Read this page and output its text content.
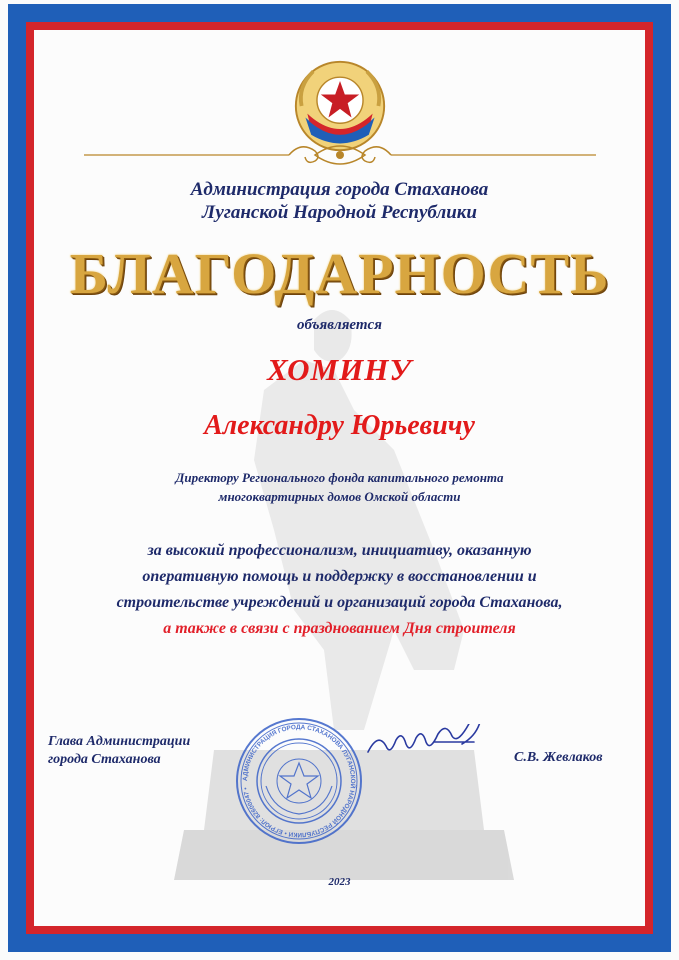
Администрация города Стаханова
Луганской Народной Республики
БЛАГОДАРНОСТЬ
объявляется
ХОМИНУ
Александру Юрьевичу
Директору Регионального фонда капитального ремонта
многоквартирных домов Омской области
за высокий профессионализм, инициативу, оказанную
оперативную помощь и поддержку в восстановлении и
строительстве учреждений и организаций города Стаханова,
а также в связи с празднованием Дня строителя
Глава Администрации
города Стаханова
АДМИНИСТРАЦИЯ ГОРОДА СТАХАНОВА ЛУГАНСКОЙ НАРОДНОЙ РЕСПУБЛИКИ • ЕГРЮЛ: 82600047 •
С.В. Жевлаков
2023
